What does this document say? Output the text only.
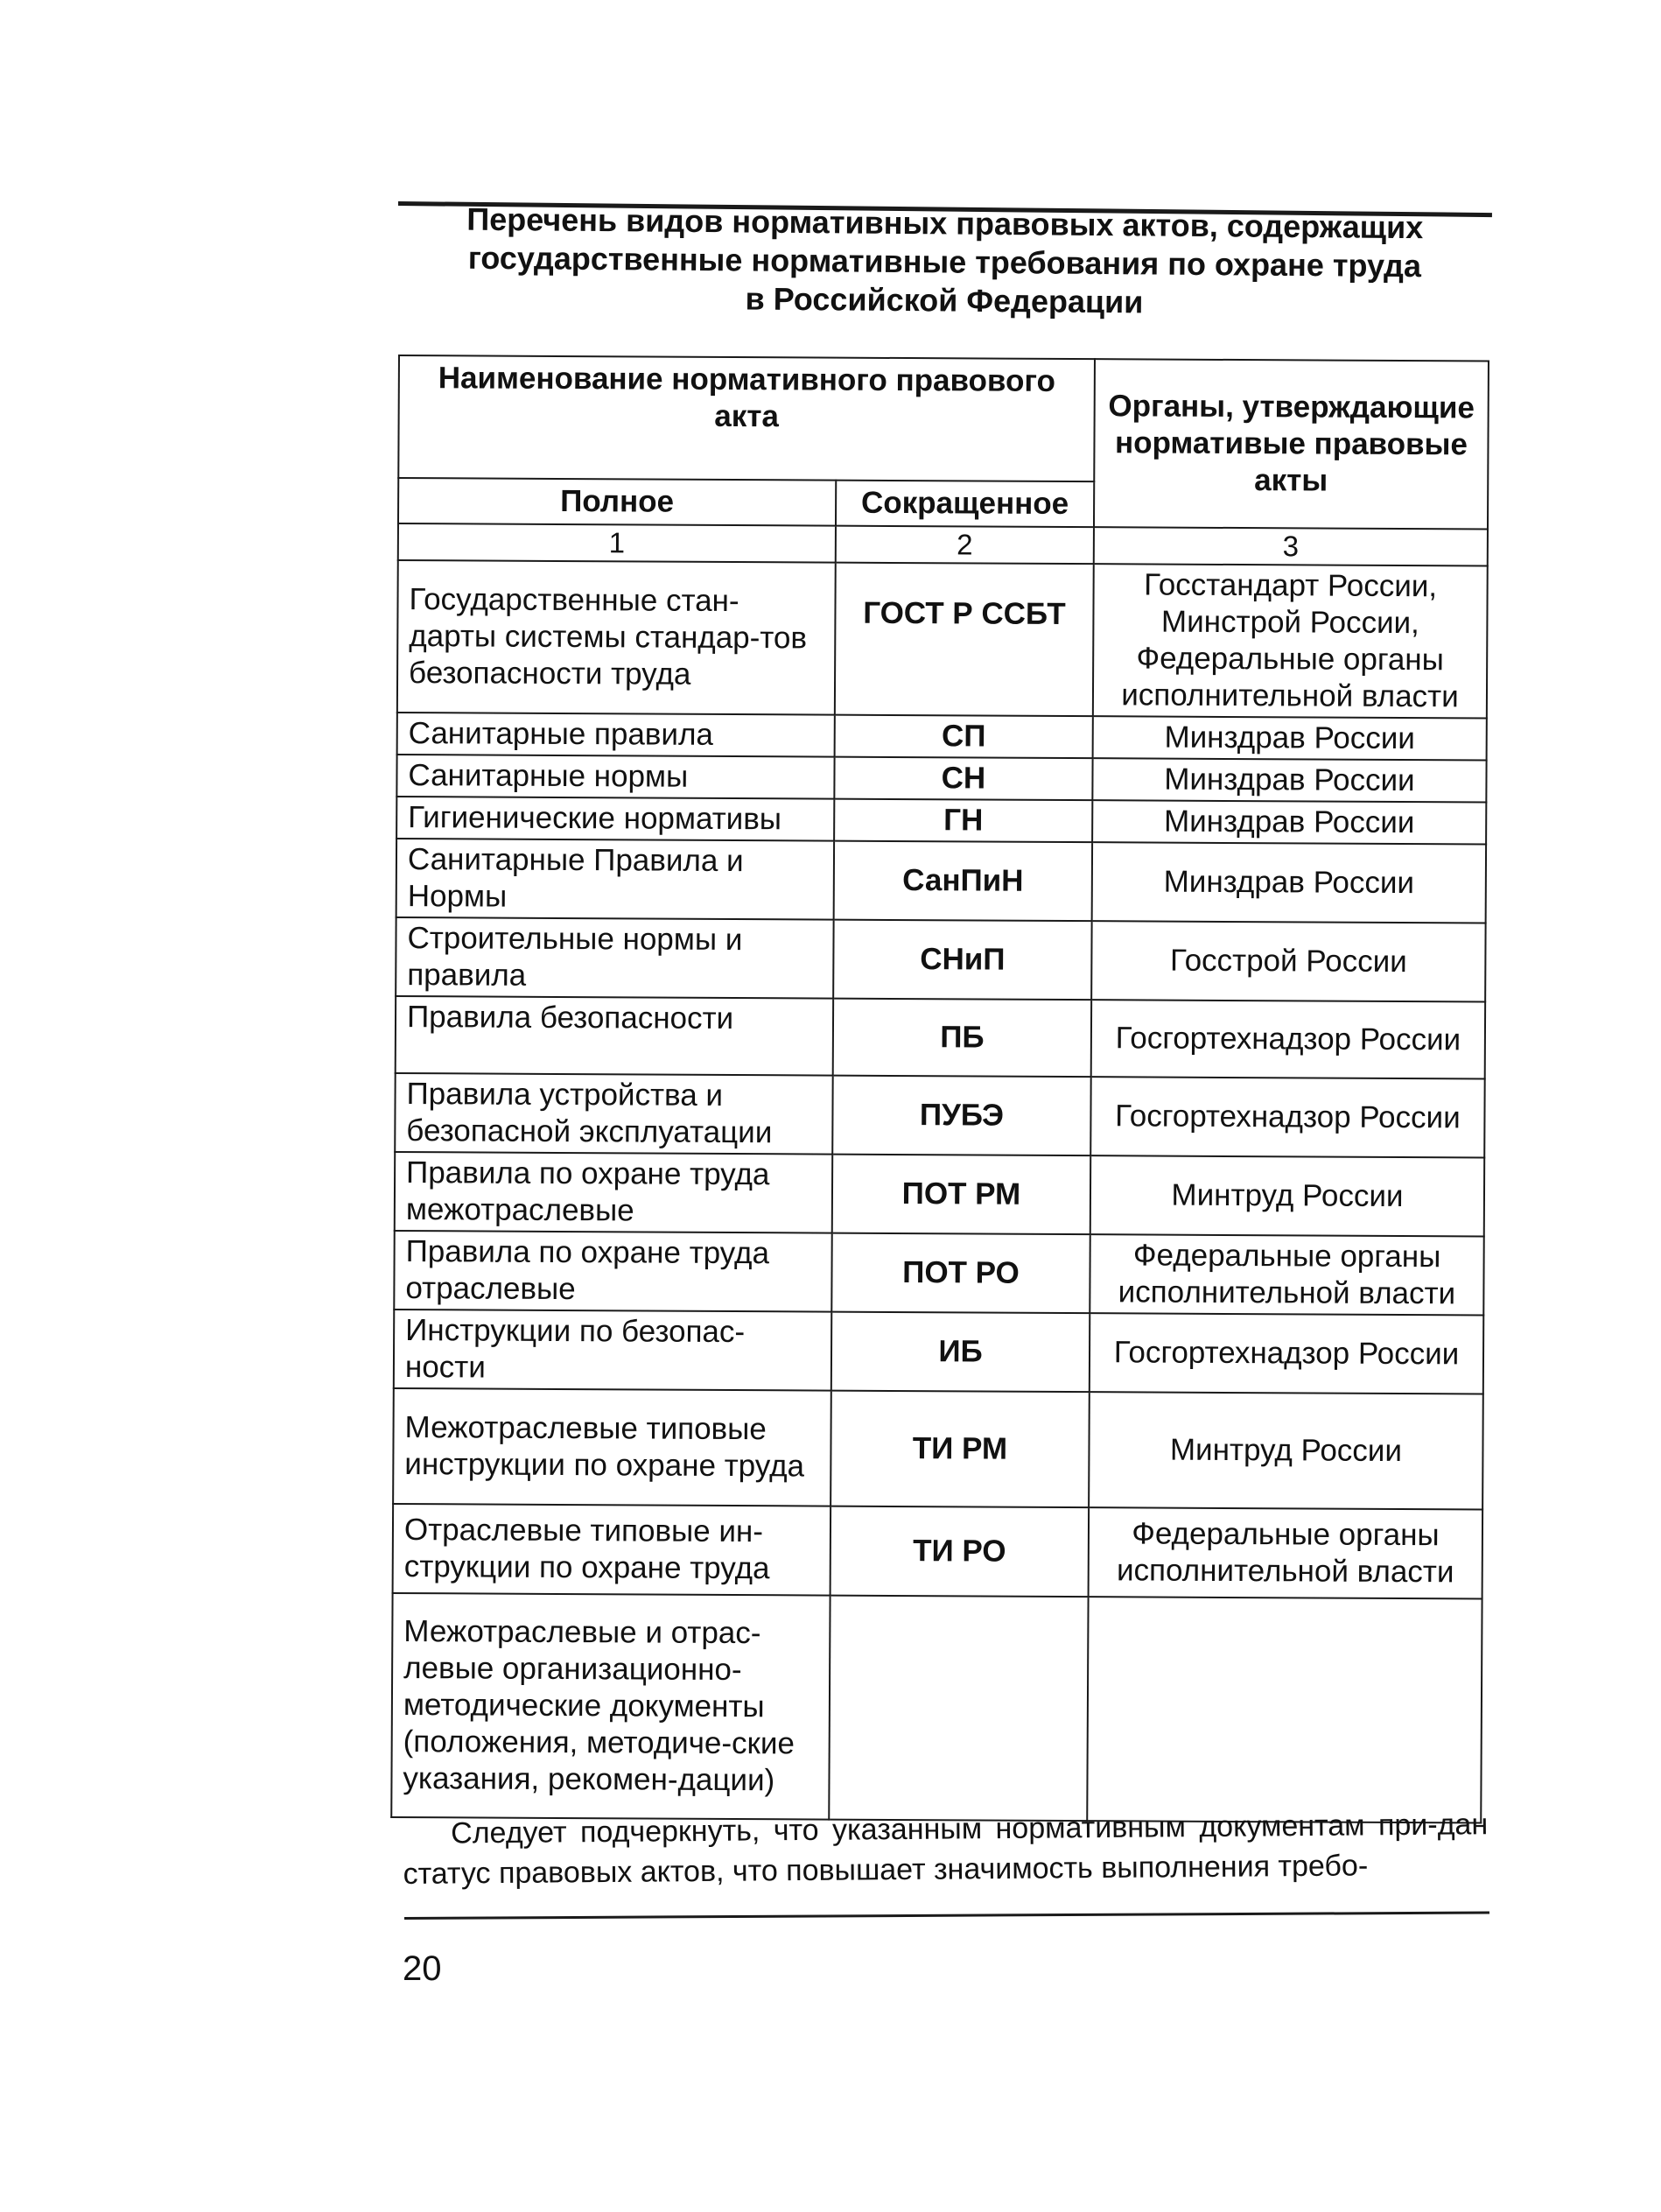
Перечень видов нормативных правовых актов, содержащих
государственные нормативные требования по охране труда
в Российской Федерации
Наименование нормативного правового акта		Органы, утверждающие нормативые правовые акты
Полное	Сокращенное	
1	2	3
Государственные стан-дарты системы стандар-тов безопасности труда	ГОСТ Р ССБТ	Госстандарт России, Минстрой России, Федеральные органы исполнительной власти
Санитарные правила	СП	Минздрав России
Санитарные нормы	СН	Минздрав России
Гигиенические нормативы	ГН	Минздрав России
Санитарные Правила и Нормы	СанПиН	Минздрав России
Строительные нормы и правила	СНиП	Госстрой России
Правила безопасности	ПБ	Госгортехнадзор России
Правила устройства и безопасной эксплуатации	ПУБЭ	Госгортехнадзор России
Правила по охране труда межотраслевые	ПОТ РМ	Минтруд России
Правила по охране труда отраслевые	ПОТ РО	Федеральные органы исполнительной власти
Инструкции по безопас-ности	ИБ	Госгортехнадзор России
Межотраслевые типовые инструкции по охране труда	ТИ РМ	Минтруд России
Отраслевые типовые ин-струкции по охране труда	ТИ РО	Федеральные органы исполнительной власти
Межотраслевые и отрас-левые организационно-методические документы (положения, методиче-ские указания, рекомен-дации)		
Следует подчеркнуть, что указанным нормативным документам при-дан статус правовых актов, что повышает значимость выполнения требо-
20
